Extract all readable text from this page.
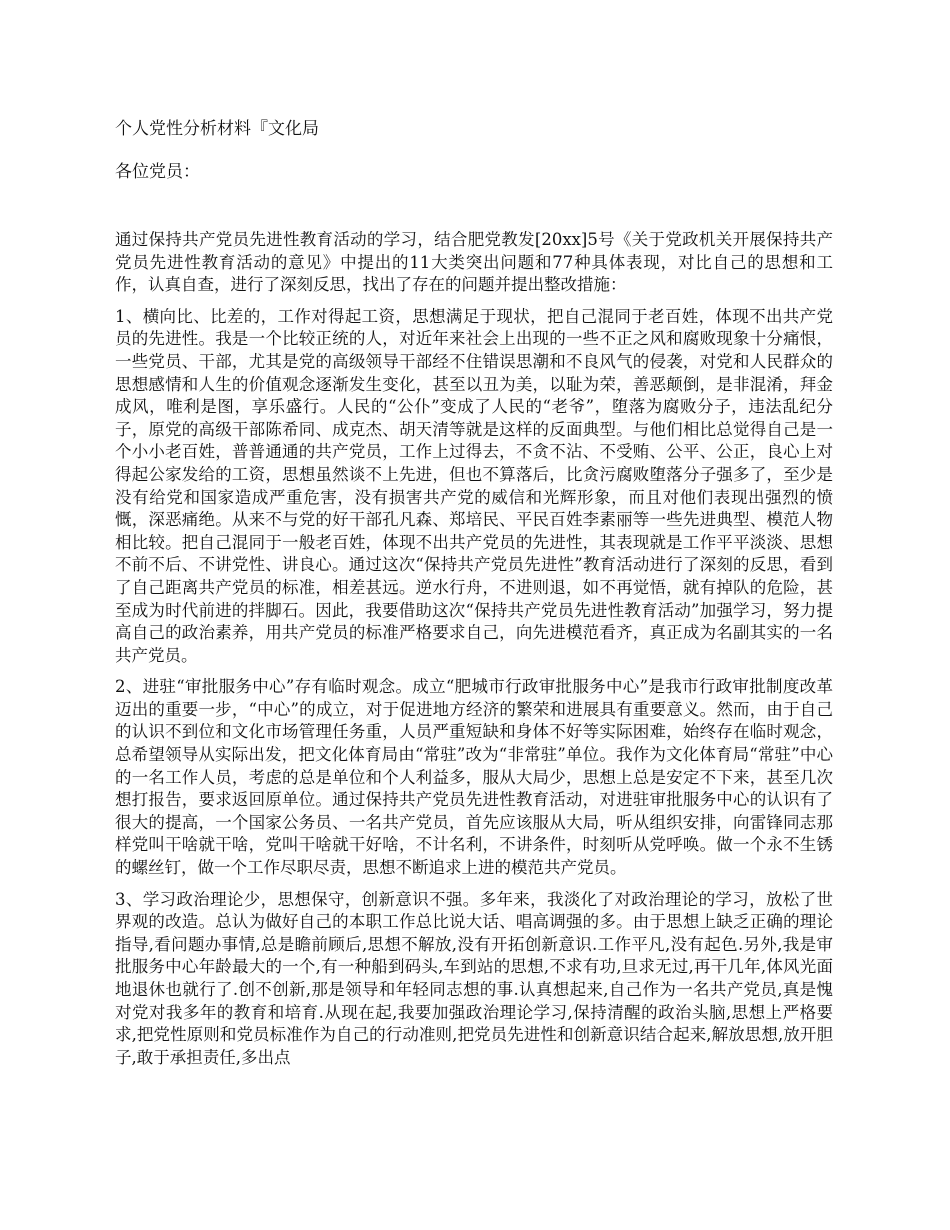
个人党性分析材料『文化局
各位党员：

通过保持共产党员先进性教育活动的学习，结合肥党教发[20xx]5号《关于党政机关开展保持共产党员先进性教育活动的意见》中提出的11大类突出问题和77种具体表现，对比自己的思想和工作，认真自查，进行了深刻反思，找出了存在的问题并提出整改措施：

1、横向比、比差的，工作对得起工资，思想满足于现状，把自己混同于老百姓，体现不出共产党员的先进性。我是一个比较正统的人，对近年来社会上出现的一些不正之风和腐败现象十分痛恨，一些党员、干部，尤其是党的高级领导干部经不住错误思潮和不良风气的侵袭，对党和人民群众的思想感情和人生的价值观念逐渐发生变化，甚至以丑为美，以耻为荣，善恶颠倒，是非混淆，拜金成风，唯利是图，享乐盛行。人民的“公仆”变成了人民的“老爷”，堕落为腐败分子，违法乱纪分子，原党的高级干部陈希同、成克杰、胡天清等就是这样的反面典型。与他们相比总觉得自己是一个小小老百姓，普普通通的共产党员，工作上过得去，不贪不沾、不受贿、公平、公正，良心上对得起公家发给的工资，思想虽然谈不上先进，但也不算落后，比贪污腐败堕落分子强多了，至少是没有给党和国家造成严重危害，没有损害共产党的威信和光辉形象，而且对他们表现出强烈的愤慨，深恶痛绝。从来不与党的好干部孔凡森、郑培民、平民百姓李素丽等一些先进典型、模范人物相比较。把自己混同于一般老百姓，体现不出共产党员的先进性，其表现就是工作平平淡淡、思想不前不后、不讲党性、讲良心。通过这次“保持共产党员先进性”教育活动进行了深刻的反思，看到了自己距离共产党员的标准，相差甚远。逆水行舟，不进则退，如不再觉悟，就有掉队的危险，甚至成为时代前进的拌脚石。因此，我要借助这次“保持共产党员先进性教育活动”加强学习，努力提高自己的政治素养，用共产党员的标准严格要求自己，向先进模范看齐，真正成为名副其实的一名共产党员。

2、进驻“审批服务中心”存有临时观念。成立“肥城市行政审批服务中心”是我市行政审批制度改革迈出的重要一步，“中心”的成立，对于促进地方经济的繁荣和进展具有重要意义。然而，由于自己的认识不到位和文化市场管理任务重，人员严重短缺和身体不好等实际困难，始终存在临时观念，总希望领导从实际出发，把文化体育局由“常驻”改为“非常驻”单位。我作为文化体育局“常驻”中心的一名工作人员，考虑的总是单位和个人利益多，服从大局少，思想上总是安定不下来，甚至几次想打报告，要求返回原单位。通过保持共产党员先进性教育活动，对进驻审批服务中心的认识有了很大的提高，一个国家公务员、一名共产党员，首先应该服从大局，听从组织安排，向雷锋同志那样党叫干啥就干啥，党叫干啥就干好啥，不计名利，不讲条件，时刻听从党呼唤。做一个永不生锈的螺丝钉，做一个工作尽职尽责，思想不断追求上进的模范共产党员。

3、学习政治理论少，思想保守，创新意识不强。多年来，我淡化了对政治理论的学习，放松了世界观的改造。总认为做好自己的本职工作总比说大话、唱高调强的多。由于思想上缺乏正确的理论指导,看问题办事情,总是瞻前顾后,思想不解放,没有开拓创新意识.工作平凡,没有起色.另外,我是审批服务中心年龄最大的一个,有一种船到码头,车到站的思想,不求有功,旦求无过,再干几年,体风光面地退休也就行了.创不创新,那是领导和年轻同志想的事.认真想起来,自己作为一名共产党员,真是愧对党对我多年的教育和培育.从现在起,我要加强政治理论学习,保持清醒的政治头脑,思想上严格要求,把党性原则和党员标准作为自己的行动准则,把党员先进性和创新意识结合起来,解放思想,放开胆子,敢于承担责任,多出点
